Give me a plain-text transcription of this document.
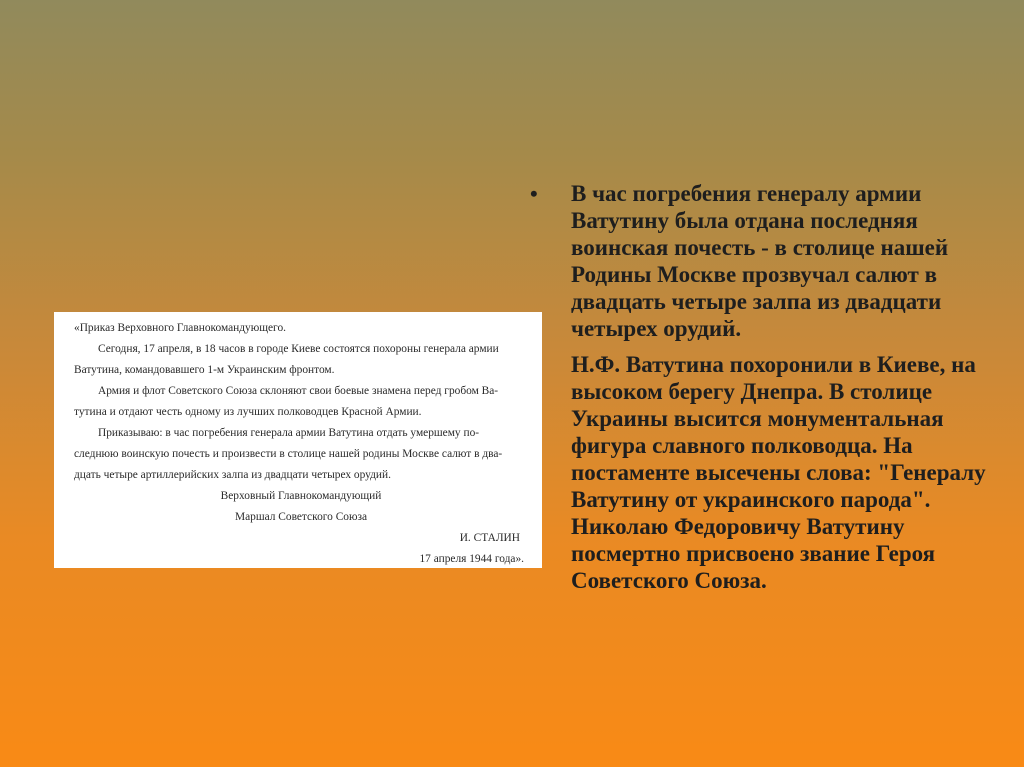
«Приказ Верховного Главнокомандующего.
Сегодня, 17 апреля, в 18 часов в городе Киеве состоятся похороны генерала армии
Ватутина, командовавшего 1-м Украинским фронтом.
Армия и флот Советского Союза склоняют свои боевые знамена перед гробом Ва-
тутина и отдают честь одному из лучших полководцев Красной Армии.
Приказываю: в час погребения генерала армии Ватутина отдать умершему по-
следнюю воинскую почесть и произвести в столице нашей родины Москве салют в два-
дцать четыре артиллерийских залпа из двадцати четырех орудий.
Верховный Главнокомандующий
Маршал Советского Союза
И. СТАЛИН
17 апреля 1944 года».
• В час погребения генералу армии Ватутину была отдана последняя воинская почесть - в столице нашей Родины Москве прозвучал салют в двадцать четыре залпа из двадцати четырех орудий.
Н.Ф. Ватутина похоронили в Киеве, на высоком берегу Днепра. В столице Украины высится монументальная фигура славного полководца. На постаменте высечены слова: "Генералу Ватутину от украинского парода". Николаю Федоровичу Ватутину посмертно присвоено звание Героя Советского Союза.
